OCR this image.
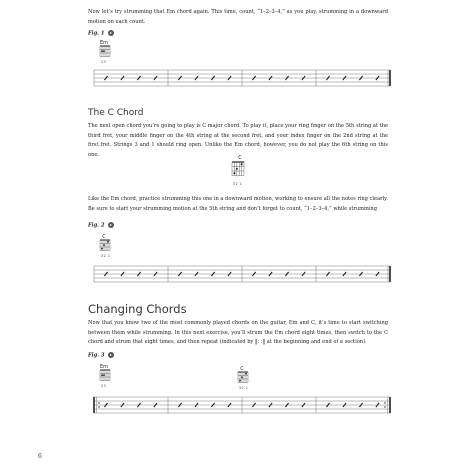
Now let’s try strumming that Em chord again. This time, count, “1–2–3–4,” as you play, strumming in a downward motion on each count.

Fig. 1
Em
23
The C Chord

The next open chord you’re going to play is C major chord. To play it, place your ring finger on the 5th string at the third fret, your middle finger on the 4th string at the second fret, and your index finger on the 2nd string at the first fret. Strings 3 and 1 should ring open. Unlike the Em chord, however, you do not play the 6th string on this one.

C
32 1

Like the Em chord, practice strumming this one in a downward motion, working to ensure all the notes ring clearly. Be sure to start your strumming motion at the 5th string and don’t forget to count, “1–2–3–4,” while strumming

Fig. 2
C
32 1
Changing Chords

Now that you know two of the most commonly played chords on the guitar, Em and C, it’s time to start switching between them while strumming. In this next exercise, you’ll strum the Em chord eight times, then switch to the C chord and strum that eight times, and then repeat (indicated by ‖: :‖ at the beginning and end of a section).

Fig. 3
Em
23
C
32 1
6
